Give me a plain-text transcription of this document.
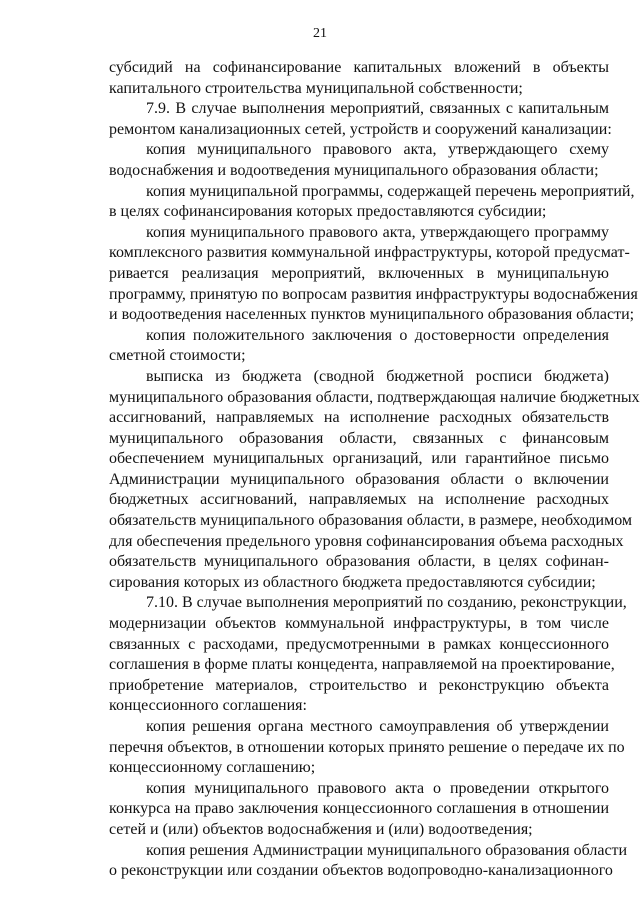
21
субсидий на софинансирование капитальных вложений в объекты
капитального строительства муниципальной собственности;
7.9. В случае выполнения мероприятий, связанных с капитальным
ремонтом канализационных сетей, устройств и сооружений канализации:
копия муниципального правового акта, утверждающего схему
водоснабжения и водоотведения муниципального образования области;
копия муниципальной программы, содержащей перечень мероприятий,
в целях софинансирования которых предоставляются субсидии;
копия муниципального правового акта, утверждающего программу
комплексного развития коммунальной инфраструктуры, которой предусмат-
ривается реализация мероприятий, включенных в муниципальную
программу, принятую по вопросам развития инфраструктуры водоснабжения
и водоотведения населенных пунктов муниципального образования области;
копия положительного заключения о достоверности определения
сметной стоимости;
выписка из бюджета (сводной бюджетной росписи бюджета)
муниципального образования области, подтверждающая наличие бюджетных
ассигнований, направляемых на исполнение расходных обязательств
муниципального образования области, связанных с финансовым
обеспечением муниципальных организаций, или гарантийное письмо
Администрации муниципального образования области о включении
бюджетных ассигнований, направляемых на исполнение расходных
обязательств муниципального образования области, в размере, необходимом
для обеспечения предельного уровня софинансирования объема расходных
обязательств муниципального образования области, в целях софинан-
сирования которых из областного бюджета предоставляются субсидии;
7.10. В случае выполнения мероприятий по созданию, реконструкции,
модернизации объектов коммунальной инфраструктуры, в том числе
связанных с расходами, предусмотренными в рамках концессионного
соглашения в форме платы концедента, направляемой на проектирование,
приобретение материалов, строительство и реконструкцию объекта
концессионного соглашения:
копия решения органа местного самоуправления об утверждении
перечня объектов, в отношении которых принято решение о передаче их по
концессионному соглашению;
копия муниципального правового акта о проведении открытого
конкурса на право заключения концессионного соглашения в отношении
сетей и (или) объектов водоснабжения и (или) водоотведения;
копия решения Администрации муниципального образования области
о реконструкции или создании объектов водопроводно-канализационного
